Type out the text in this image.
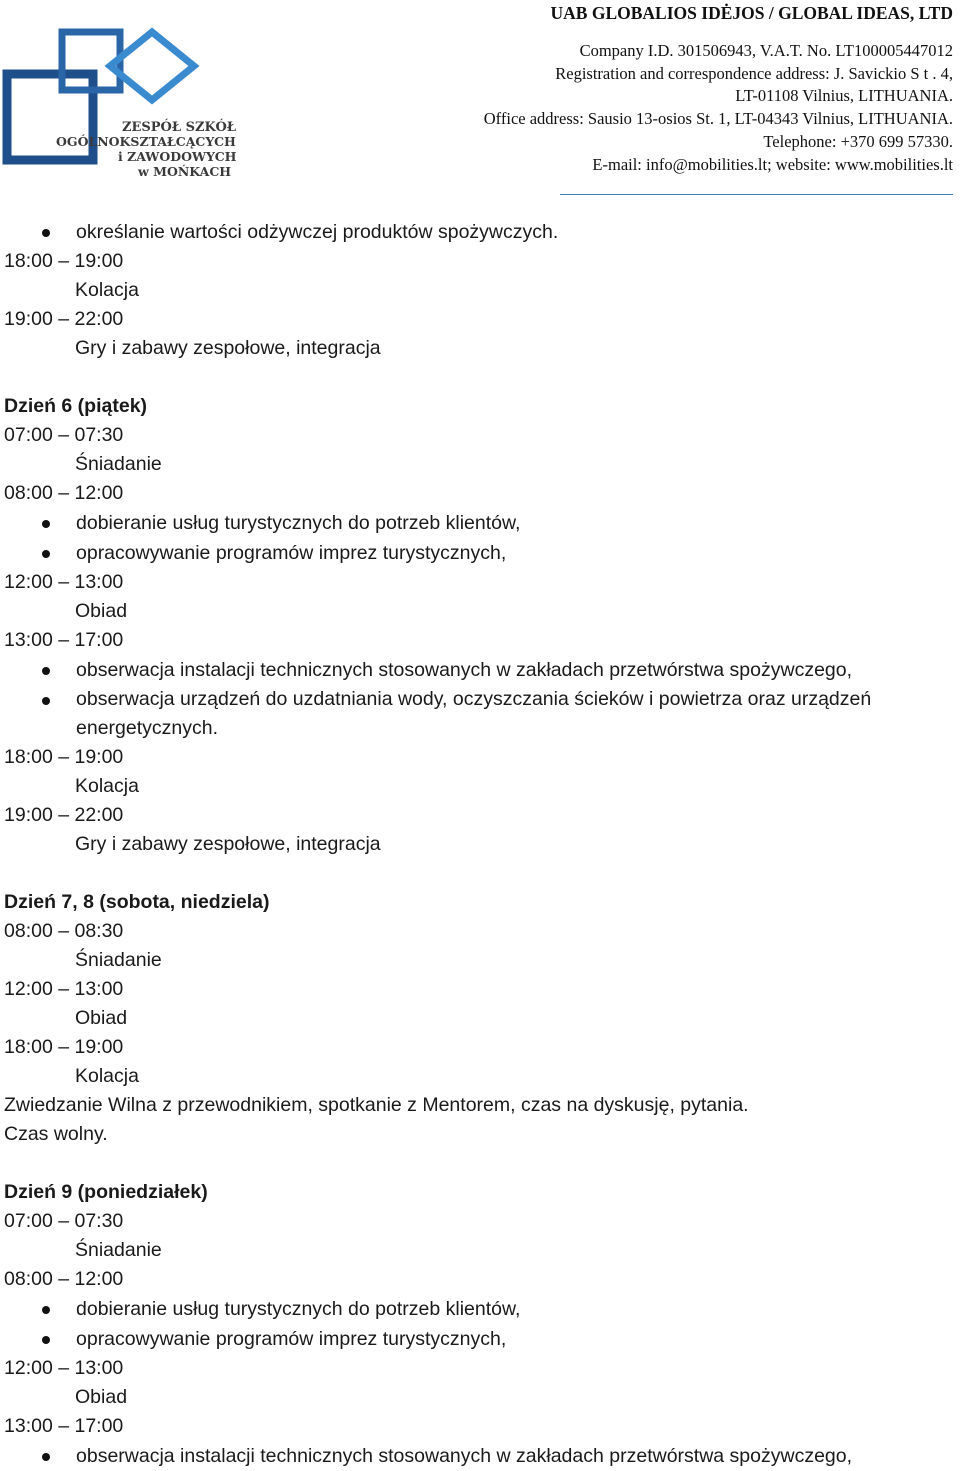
ZESPÓŁ SZKÓŁ
OGÓLNOKSZTAŁCĄCYCH
i ZAWODOWYCH
w MOŃKACH
UAB GLOBALIOS IDĖJOS / GLOBAL IDEAS, LTD
Company I.D. 301506943, V.A.T. No. LT100005447012
Registration and correspondence address: J. Savickio S t . 4,
LT-01108 Vilnius, LITHUANIA.
Office address: Sausio 13-osios St. 1, LT-04343 Vilnius, LITHUANIA.
Telephone: +370 699 57330.
E-mail: info@mobilities.lt; website: www.mobilities.lt
określanie wartości odżywczej produktów spożywczych.
18:00 – 19:00
Kolacja
19:00 – 22:00
Gry i zabawy zespołowe, integracja
Dzień 6 (piątek)
07:00 – 07:30
Śniadanie
08:00 – 12:00
dobieranie usług turystycznych do potrzeb klientów,
opracowywanie programów imprez turystycznych,
12:00 – 13:00
Obiad
13:00 – 17:00
obserwacja instalacji technicznych stosowanych w zakładach przetwórstwa spożywczego,
obserwacja urządzeń do uzdatniania wody, oczyszczania ścieków i powietrza oraz urządzeń energetycznych.
18:00 – 19:00
Kolacja
19:00 – 22:00
Gry i zabawy zespołowe, integracja
Dzień 7, 8 (sobota, niedziela)
08:00 – 08:30
Śniadanie
12:00 – 13:00
Obiad
18:00 – 19:00
Kolacja
Zwiedzanie Wilna z przewodnikiem, spotkanie z Mentorem, czas na dyskusję, pytania.
Czas wolny.
Dzień 9 (poniedziałek)
07:00 – 07:30
Śniadanie
08:00 – 12:00
dobieranie usług turystycznych do potrzeb klientów,
opracowywanie programów imprez turystycznych,
12:00 – 13:00
Obiad
13:00 – 17:00
obserwacja instalacji technicznych stosowanych w zakładach przetwórstwa spożywczego,
